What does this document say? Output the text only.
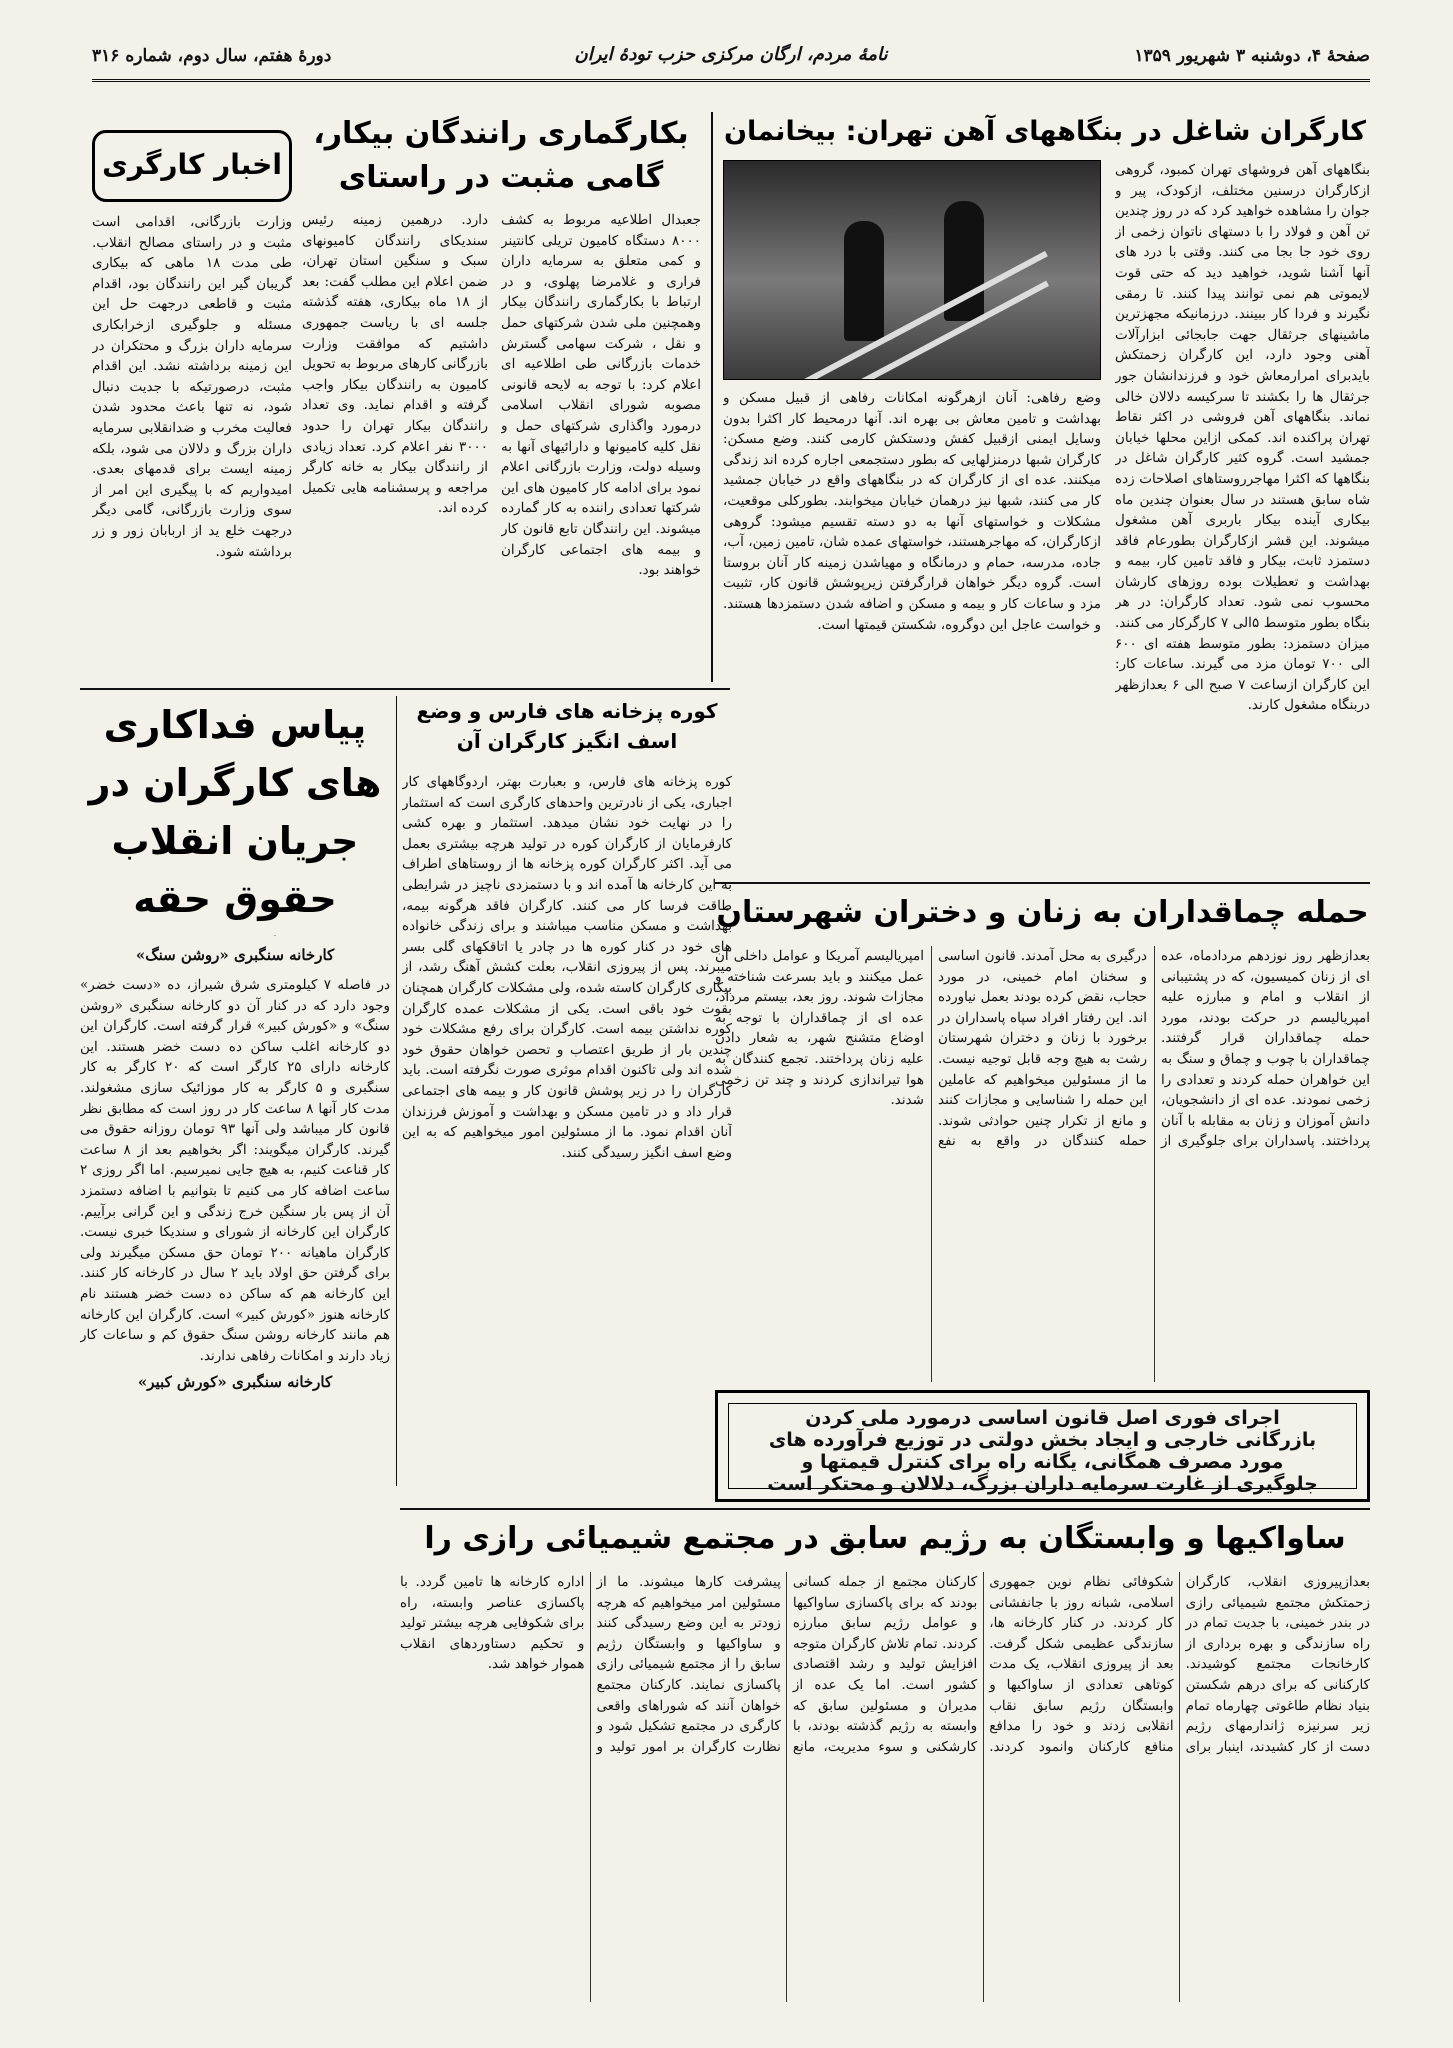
صفحهٔ ۴، دوشنبه ۳ شهریور ۱۳۵۹
نامهٔ مردم، ارگان مرکزی حزب تودهٔ ایران
دورهٔ هفتم، سال دوم، شماره ۳۱۶
کارگران شاغل در بنگاههای آهن تهران: بیخانمان

بنگاههای آهن فروشهای تهران کمبود، گروهی ازکارگران درسنین مختلف، ازکودک، پیر و جوان را مشاهده خواهید کرد که در روز چندین تن آهن و فولاد را با دستهای ناتوان زخمی از روی خود جا بجا می کنند. وقتی با درد های آنها آشنا شوید، خواهید دید که حتی قوت لایموتی هم نمی توانند پیدا کنند. تا رمقی نگیرند و فردا کار ببینند. درزمانیکه مجهزترین ماشینهای جرثقال جهت جابجائی ابزارآلات آهنی وجود دارد، این کارگران زحمتکش بایدبرای امرارمعاش خود و فرزندانشان جور جرثقال ها را بکشند تا سرکیسه دلالان خالی نماند. بنگاههای آهن فروشی در اکثر نقاط تهران پراکنده اند. کمکی ازاین محلها خیابان جمشید است. گروه کثیر کارگران شاغل در بنگاهها که اکثرا مهاجرروستاهای اصلاحات زده شاه سابق هستند در سال بعنوان چندین ماه بیکاری آینده بیکار باربری آهن مشغول میشوند. این قشر ازکارگران بطورعام فاقد دستمزد ثابت، بیکار و فاقد تامین کار، بیمه و بهداشت و تعطیلات بوده روزهای کارشان محسوب نمی شود. تعداد کارگران: در هر بنگاه بطور متوسط ۵الی ۷ کارگرکار می کنند. میزان دستمزد: بطور متوسط هفته ای ۶۰۰ الی ۷۰۰ تومان مزد می گیرند. ساعات کار: این کارگران ازساعت ۷ صبح الی ۶ بعدازظهر دربنگاه مشغول کارند.

وضع رفاهی: آنان ازهرگونه امکانات رفاهی از قبیل مسکن و بهداشت و تامین معاش بی بهره اند. آنها درمحیط کار اکثرا بدون وسایل ایمنی ازقبیل کفش ودستکش کارمی کنند. وضع مسکن: کارگران شبها درمنزلهایی که بطور دستجمعی اجاره کرده اند زندگی میکنند. عده ای از کارگران که در بنگاههای واقع در خیابان جمشید کار می کنند، شبها نیز درهمان خیابان میخوابند. بطورکلی موقعیت، مشکلات و خواستهای آنها به دو دسته تقسیم میشود: گروهی ازکارگران، که مهاجرهستند، خواستهای عمده شان، تامین زمین، آب، جاده، مدرسه، حمام و درمانگاه و مهیاشدن زمینه کار آنان بروستا است. گروه دیگر خواهان قرارگرفتن زیرپوشش قانون کار، تثبیت مزد و ساعات کار و بیمه و مسکن و اضافه شدن دستمزدها هستند. و خواست عاجل این دوگروه، شکستن قیمتها است.

بکارگماری رانندگان بیکار،
گامی مثبت در راستای

جعبدال اطلاعیه مربوط به کشف ۸۰۰۰ دستگاه کامیون تریلی کانتینر و کمی متعلق به سرمایه داران فراری و غلامرضا پهلوی، و در ارتباط با بکارگماری رانندگان بیکار وهمچنین ملی شدن شرکتهای حمل و نقل ، شرکت سهامی گسترش خدمات بازرگانی طی اطلاعیه ای اعلام کرد: با توجه به لایحه قانونی مصوبه شورای انقلاب اسلامی درمورد واگذاری شرکتهای حمل و نقل کلیه کامیونها و دارائیهای آنها به وسیله دولت، وزارت بازرگانی اعلام نمود برای ادامه کار کامیون های این شرکتها تعدادی راننده به کار گمارده میشوند. این رانندگان تابع قانون کار و بیمه های اجتماعی کارگران خواهند بود.

دارد. درهمین زمینه رئیس سندیکای رانندگان کامیونهای سبک و سنگین استان تهران، ضمن اعلام این مطلب گفت: بعد از ۱۸ ماه بیکاری، هفته گذشته جلسه ای با ریاست جمهوری داشتیم که موافقت وزارت بازرگانی کارهای مربوط به تحویل کامیون به رانندگان بیکار واجب گرفته و اقدام نماید. وی تعداد رانندگان بیکار تهران را حدود ۳۰۰۰ نفر اعلام کرد. تعداد زیادی از رانندگان بیکار به خانه کارگر مراجعه و پرسشنامه هایی تکمیل کرده اند.

اخبار کارگری

وزارت بازرگانی، اقدامی است مثبت و در راستای مصالح انقلاب. طی مدت ۱۸ ماهی که بیکاری گریبان گیر این رانندگان بود، اقدام مثبت و قاطعی درجهت حل این مسئله و جلوگیری ازخرابکاری سرمایه داران بزرگ و محتکران در این زمینه برداشته نشد. این اقدام مثبت، درصورتیکه با جدیت دنبال شود، نه تنها باعث محدود شدن فعالیت مخرب و ضدانقلابی سرمایه داران بزرگ و دلالان می شود، بلکه زمینه ایست برای قدمهای بعدی. امیدواریم که با پیگیری این امر از سوی وزارت بازرگانی، گامی دیگر درجهت خلع ید از اربابان زور و زر برداشته شود.

حمله چماقداران به زنان و دختران شهرستان

بعدازظهر روز نوزدهم مردادماه، عده ای از زنان کمیسیون، که در پشتیبانی از انقلاب و امام و مبارزه علیه امپریالیسم در حرکت بودند، مورد حمله چماقداران قرار گرفتند. چماقداران با چوب و چماق و سنگ به این خواهران حمله کردند و تعدادی را زخمی نمودند. عده ای از دانشجویان، دانش آموزان و زنان به مقابله با آنان پرداختند. پاسداران برای جلوگیری از درگیری به محل آمدند. قانون اساسی و سخنان امام خمینی، در مورد حجاب، نقض کرده بودند بعمل نیاورده اند. این رفتار افراد سپاه پاسداران در برخورد با زنان و دختران شهرستان رشت به هیچ وجه قابل توجیه نیست. ما از مسئولین میخواهیم که عاملین این حمله را شناسایی و مجازات کنند و مانع از تکرار چنین حوادثی شوند. حمله کنندگان در واقع به نفع امپریالیسم آمریکا و عوامل داخلی آن عمل میکنند و باید بسرعت شناخته و مجازات شوند. روز بعد، بیستم مرداد، عده ای از چماقداران با توجه به اوضاع متشنج شهر، به شعار دادن علیه زنان پرداختند. تجمع کنندگان به هوا تیراندازی کردند و چند تن زخمی شدند.

کوره پزخانه های فارس و وضع
اسف انگیز کارگران آن

کوره پزخانه های فارس، و بعبارت بهتر، اردوگاههای کار اجباری، یکی از نادرترین واحدهای کارگری است که استثمار را در نهایت خود نشان میدهد. استثمار و بهره کشی کارفرمایان از کارگران کوره در تولید هرچه بیشتری بعمل می آید. اکثر کارگران کوره پزخانه ها از روستاهای اطراف به این کارخانه ها آمده اند و با دستمزدی ناچیز در شرایطی طاقت فرسا کار می کنند. کارگران فاقد هرگونه بیمه، بهداشت و مسکن مناسب میباشند و برای زندگی خانواده های خود در کنار کوره ها در چادر یا اتاقکهای گلی بسر میبرند. پس از پیروزی انقلاب، بعلت کشش آهنگ رشد، از بیکاری کارگران کاسته شده، ولی مشکلات کارگران همچنان بقوت خود باقی است. یکی از مشکلات عمده کارگران کوره نداشتن بیمه است. کارگران برای رفع مشکلات خود چندین بار از طریق اعتصاب و تحصن خواهان حقوق خود شده اند ولی تاکنون اقدام موثری صورت نگرفته است. باید کارگران را در زیر پوشش قانون کار و بیمه های اجتماعی قرار داد و در تامین مسکن و بهداشت و آموزش فرزندان آنان اقدام نمود. ما از مسئولین امور میخواهیم که به این وضع اسف انگیز رسیدگی کنند.

پیاس فداکاری های کارگران در جریان انقلاب حقوق حقه

کارخانه سنگبری «روشن سنگ»

در فاصله ۷ کیلومتری شرق شیراز، ده «دست خضر» وجود دارد که در کنار آن دو کارخانه سنگبری «روشن سنگ» و «کورش کبیر» قرار گرفته است. کارگران این دو کارخانه اغلب ساکن ده دست خضر هستند. این کارخانه دارای ۲۵ کارگر است که ۲۰ کارگر به کار سنگبری و ۵ کارگر به کار موزائیک سازی مشغولند. مدت کار آنها ۸ ساعت کار در روز است که مطابق نظر قانون کار میباشد ولی آنها ۹۳ تومان روزانه حقوق می گیرند. کارگران میگویند: اگر بخواهیم بعد از ۸ ساعت کار قناعت کنیم، به هیچ جایی نمیرسیم. اما اگر روزی ۲ ساعت اضافه کار می کنیم تا بتوانیم با اضافه دستمزد آن از پس بار سنگین خرج زندگی و این گرانی برآییم. کارگران این کارخانه از شورای و سندیکا خبری نیست. کارگران ماهیانه ۲۰۰ تومان حق مسکن میگیرند ولی برای گرفتن حق اولاد باید ۲ سال در کارخانه کار کنند. این کارخانه هم که ساکن ده دست خضر هستند نام کارخانه هنوز «کورش کبیر» است. کارگران این کارخانه هم مانند کارخانه روشن سنگ حقوق کم و ساعات کار زیاد دارند و امکانات رفاهی ندارند.

کارخانه سنگبری «کورش کبیر»

اجرای فوری اصل قانون اساسی درمورد ملی کردن
بازرگانی خارجی و ایجاد بخش دولتی در توزیع فرآورده های
مورد مصرف همگانی، یگانه راه برای کنترل قیمتها و
جلوگیری از غارت سرمایه داران بزرگ، دلالان و محتکر است
ساواکیها و وابستگان به رژیم سابق در مجتمع شیمیائی رازی را

بعدازپیروزی انقلاب، کارگران زحمتکش مجتمع شیمیائی رازی در بندر خمینی، با جدیت تمام در راه سازندگی و بهره برداری از کارخانجات مجتمع کوشیدند. کارکنانی که برای درهم شکستن بنیاد نظام طاغوتی چهارماه تمام زیر سرنیزه ژاندارمهای رژیم دست از کار کشیدند، اینبار برای شکوفائی نظام نوین جمهوری اسلامی، شبانه روز با جانفشانی کار کردند. در کنار کارخانه ها، سازندگی عظیمی شکل گرفت. بعد از پیروزی انقلاب، یک مدت کوتاهی تعدادی از ساواکیها و وابستگان رژیم سابق نقاب انقلابی زدند و خود را مدافع منافع کارکنان وانمود کردند. کارکنان مجتمع از جمله کسانی بودند که برای پاکسازی ساواکیها و عوامل رژیم سابق مبارزه کردند. تمام تلاش کارگران متوجه افزایش تولید و رشد اقتصادی کشور است. اما یک عده از مدیران و مسئولین سابق که وابسته به رژیم گذشته بودند، با کارشکنی و سوء مدیریت، مانع پیشرفت کارها میشوند. ما از مسئولین امر میخواهیم که هرچه زودتر به این وضع رسیدگی کنند و ساواکیها و وابستگان رژیم سابق را از مجتمع شیمیائی رازی پاکسازی نمایند. کارکنان مجتمع خواهان آنند که شوراهای واقعی کارگری در مجتمع تشکیل شود و نظارت کارگران بر امور تولید و اداره کارخانه ها تامین گردد. با پاکسازی عناصر وابسته، راه برای شکوفایی هرچه بیشتر تولید و تحکیم دستاوردهای انقلاب هموار خواهد شد.
